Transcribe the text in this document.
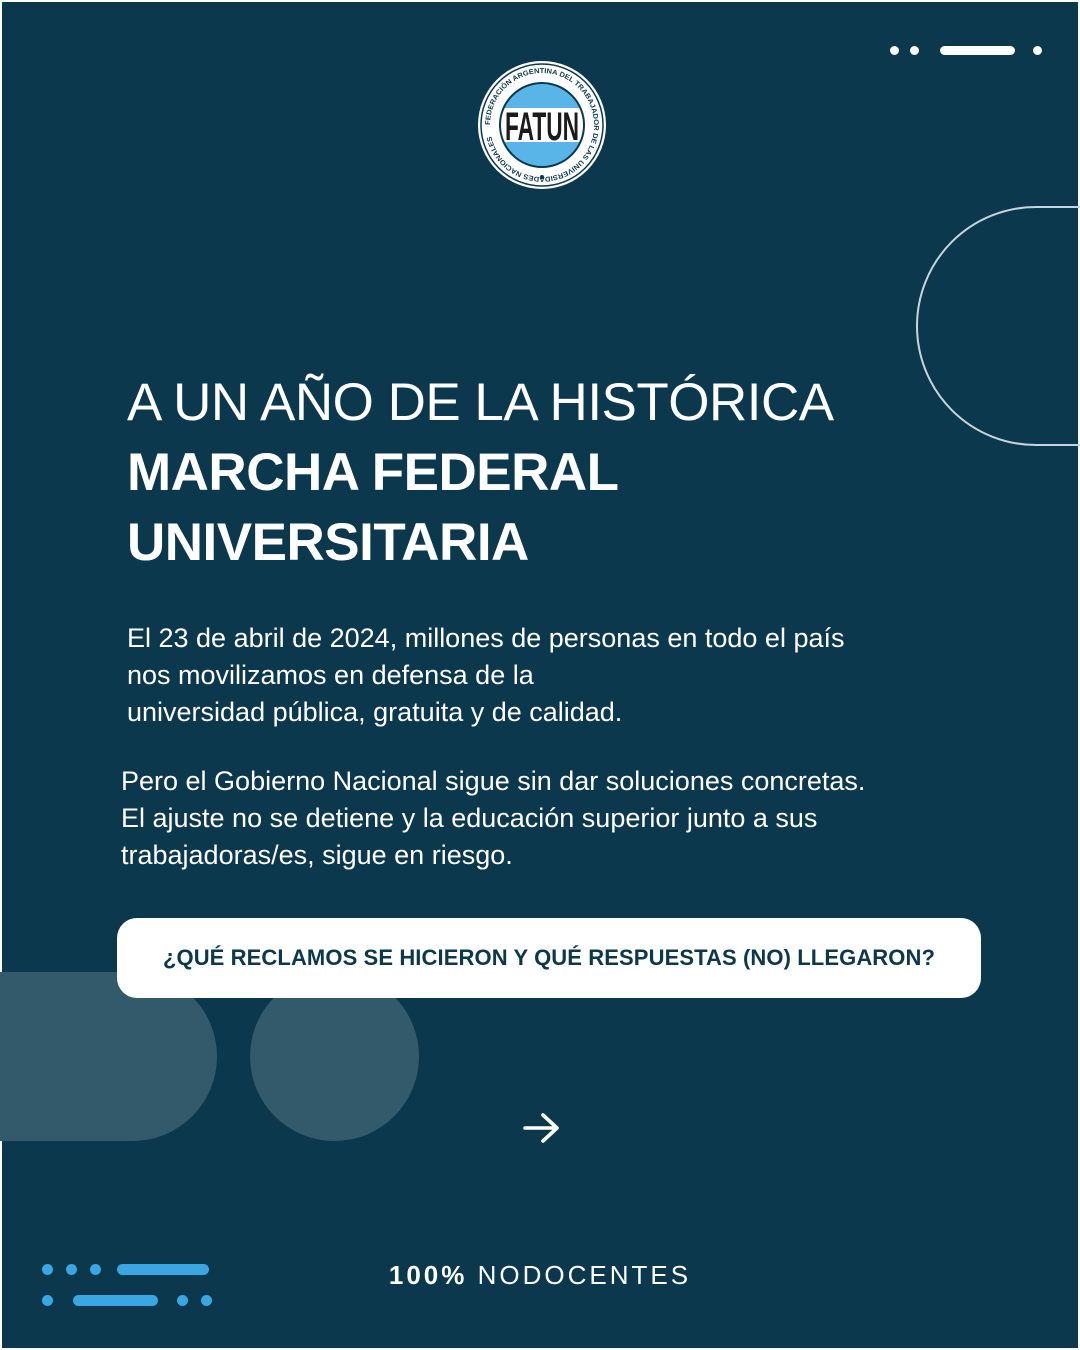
FATUN
FEDERACIÓN ARGENTINA DEL TRABAJADOR DE LAS UNIVERSID DES NACIONALES
A UN AÑO DE LA HISTÓRICA
MARCHA FEDERAL
UNIVERSITARIA

El 23 de abril de 2024, millones de personas en todo el país
nos movilizamos en defensa de la
universidad pública, gratuita y de calidad.

Pero el Gobierno Nacional sigue sin dar soluciones concretas.
El ajuste no se detiene y la educación superior junto a sus
trabajadoras/es, sigue en riesgo.

¿QUÉ RECLAMOS SE HICIERON Y QUÉ RESPUESTAS (NO) LLEGARON?
100% NODOCENTES
